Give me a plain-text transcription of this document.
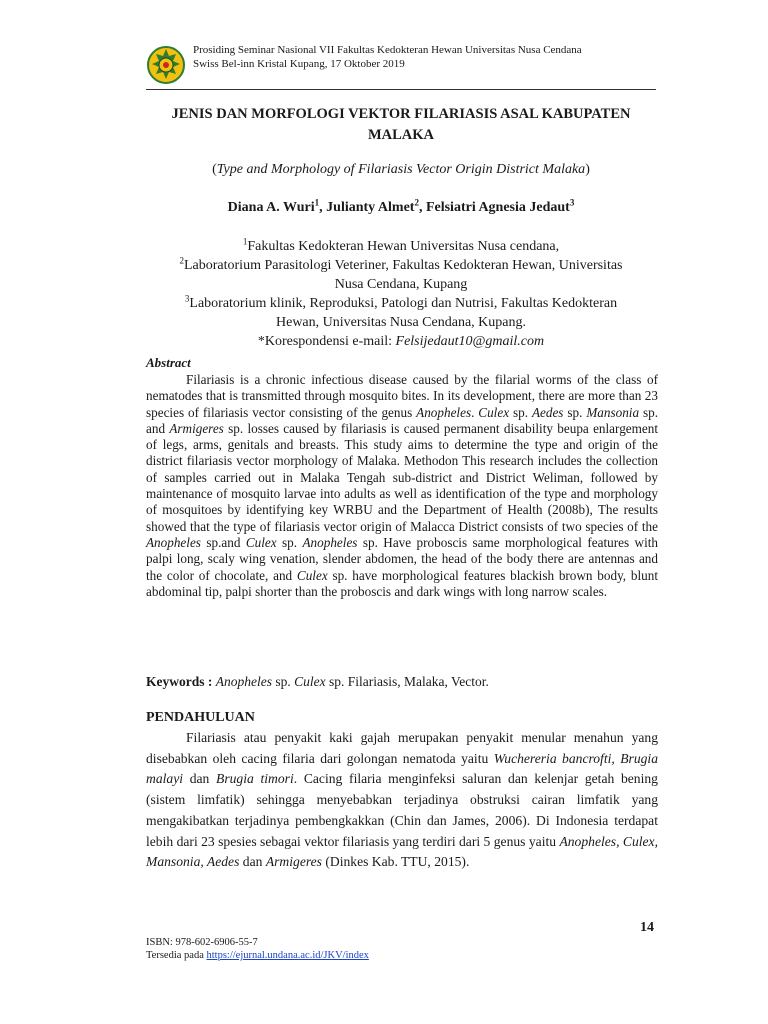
Prosiding Seminar Nasional VII Fakultas Kedokteran Hewan Universitas Nusa Cendana
Swiss Bel-inn Kristal Kupang, 17 Oktober 2019
JENIS DAN MORFOLOGI VEKTOR FILARIASIS ASAL KABUPATEN
MALAKA
(Type and Morphology of Filariasis Vector Origin District Malaka)
Diana A. Wuri$^1$, Julianty Almet$^2$, Felsiatri Agnesia Jedaut$^3$
$^1$Fakultas Kedokteran Hewan Universitas Nusa cendana,
$^2$Laboratorium Parasitologi Veteriner, Fakultas Kedokteran Hewan, Universitas
Nusa Cendana, Kupang
$^3$Laboratorium klinik, Reproduksi, Patologi dan Nutrisi, Fakultas Kedokteran
Hewan, Universitas Nusa Cendana, Kupang.
*Korespondensi e-mail: Felsijedaut10@gmail.com
Abstract
Filariasis is a chronic infectious disease caused by the filarial worms of the class of nematodes that is transmitted through mosquito bites. In its development, there are more than 23 species of filariasis vector consisting of the genus Anopheles. Culex sp. Aedes sp. Mansonia sp. and Armigeres sp. losses caused by filariasis is caused permanent disability beupa enlargement of legs, arms, genitals and breasts. This study aims to determine the type and origin of the district filariasis vector morphology of Malaka. Methodon This research includes the collection of samples carried out in Malaka Tengah sub-district and District Weliman, followed by maintenance of mosquito larvae into adults as well as identification of the type and morphology of mosquitoes by identifying key WRBU and the Department of Health (2008b), The results showed that the type of filariasis vector origin of Malacca District consists of two species of the Anopheles sp.and Culex sp. Anopheles sp. Have proboscis same morphological features with palpi long, scaly wing venation, slender abdomen, the head of the body there are antennas and the color of chocolate, and Culex sp. have morphological features blackish brown body, blunt abdominal tip, palpi shorter than the proboscis and dark wings with long narrow scales.
Keywords : Anopheles sp. Culex sp. Filariasis, Malaka, Vector.
PENDAHULUAN
Filariasis atau penyakit kaki gajah merupakan penyakit menular menahun yang disebabkan oleh cacing filaria dari golongan nematoda yaitu Wuchereria bancrofti, Brugia malayi dan Brugia timori. Cacing filaria menginfeksi saluran dan kelenjar getah bening (sistem limfatik) sehingga menyebabkan terjadinya obstruksi cairan limfatik yang mengakibatkan terjadinya pembengkakkan (Chin dan James, 2006). Di Indonesia terdapat lebih dari 23 spesies sebagai vektor filariasis yang terdiri dari 5 genus yaitu Anopheles, Culex, Mansonia, Aedes dan Armigeres (Dinkes Kab. TTU, 2015).
14
ISBN: 978-602-6906-55-7
Tersedia pada https://ejurnal.undana.ac.id/JKV/index
